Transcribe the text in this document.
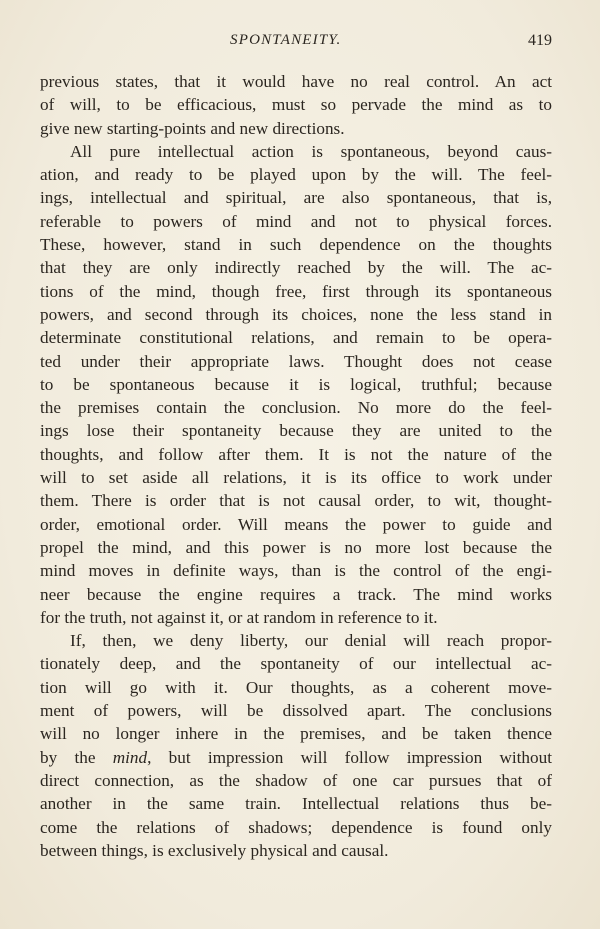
SPONTANEITY.	419
previous states, that it would have no real control. An act
of will, to be efficacious, must so pervade the mind as to
give new starting-points and new directions.
All pure intellectual action is spontaneous, beyond caus-
ation, and ready to be played upon by the will. The feel-
ings, intellectual and spiritual, are also spontaneous, that is,
referable to powers of mind and not to physical forces.
These, however, stand in such dependence on the thoughts
that they are only indirectly reached by the will. The ac-
tions of the mind, though free, first through its spontaneous
powers, and second through its choices, none the less stand in
determinate constitutional relations, and remain to be opera-
ted under their appropriate laws. Thought does not cease
to be spontaneous because it is logical, truthful; because
the premises contain the conclusion. No more do the feel-
ings lose their spontaneity because they are united to the
thoughts, and follow after them. It is not the nature of the
will to set aside all relations, it is its office to work under
them. There is order that is not causal order, to wit, thought-
order, emotional order. Will means the power to guide and
propel the mind, and this power is no more lost because the
mind moves in definite ways, than is the control of the engi-
neer because the engine requires a track. The mind works
for the truth, not against it, or at random in reference to it.
If, then, we deny liberty, our denial will reach propor-
tionately deep, and the spontaneity of our intellectual ac-
tion will go with it. Our thoughts, as a coherent move-
ment of powers, will be dissolved apart. The conclusions
will no longer inhere in the premises, and be taken thence
by the mind, but impression will follow impression without
direct connection, as the shadow of one car pursues that of
another in the same train. Intellectual relations thus be-
come the relations of shadows; dependence is found only
between things, is exclusively physical and causal.
